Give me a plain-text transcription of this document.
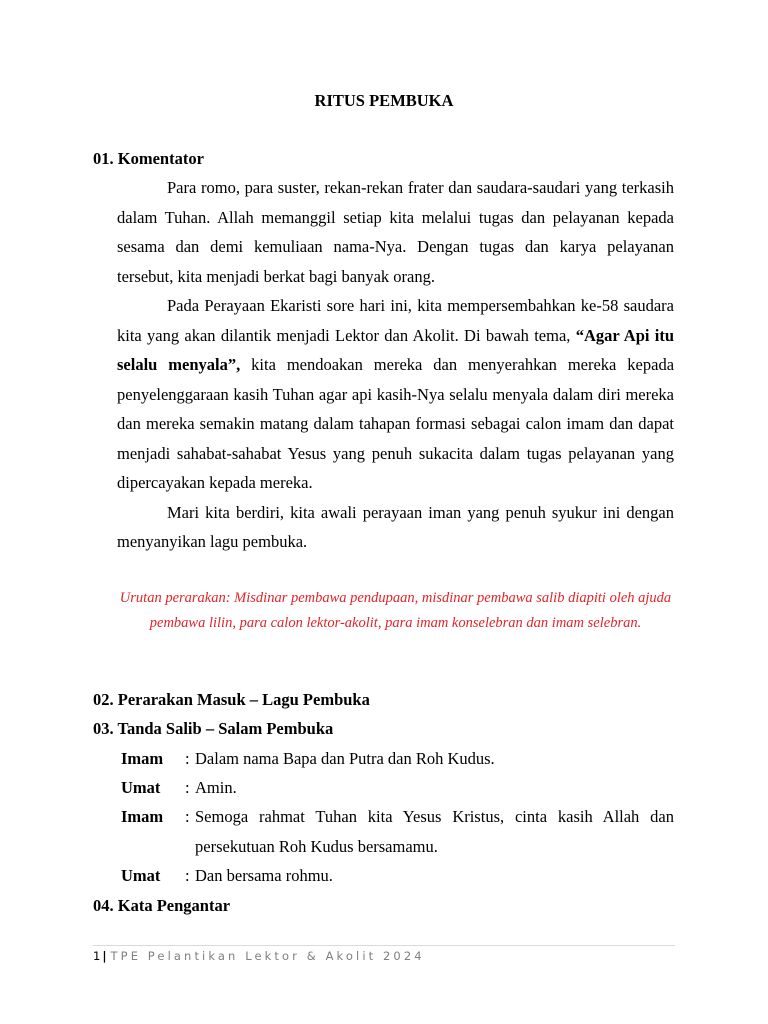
RITUS PEMBUKA
01. Komentator

Para romo, para suster, rekan-rekan frater dan saudara-saudari yang terkasih dalam Tuhan. Allah memanggil setiap kita melalui tugas dan pelayanan kepada sesama dan demi kemuliaan nama-Nya. Dengan tugas dan karya pelayanan tersebut, kita menjadi berkat bagi banyak orang.

Pada Perayaan Ekaristi sore hari ini, kita mempersembahkan ke-58 saudara kita yang akan dilantik menjadi Lektor dan Akolit. Di bawah tema, “Agar Api itu selalu menyala”, kita mendoakan mereka dan menyerahkan mereka kepada penyelenggaraan kasih Tuhan agar api kasih-Nya selalu menyala dalam diri mereka dan mereka semakin matang dalam tahapan formasi sebagai calon imam dan dapat menjadi sahabat-sahabat Yesus yang penuh sukacita dalam tugas pelayanan yang dipercayakan kepada mereka.

Mari kita berdiri, kita awali perayaan iman yang penuh syukur ini dengan menyanyikan lagu pembuka.

Urutan perarakan: Misdinar pembawa pendupaan, misdinar pembawa salib diapiti oleh ajuda pembawa lilin, para calon lektor-akolit, para imam konselebran dan imam selebran.
02. Perarakan Masuk – Lagu Pembuka
03. Tanda Salib – Salam Pembuka
Imam : Dalam nama Bapa dan Putra dan Roh Kudus.
Umat : Amin.
Imam : Semoga rahmat Tuhan kita Yesus Kristus, cinta kasih Allah dan persekutuan Roh Kudus bersamamu.
Umat : Dan bersama rohmu.
04. Kata Pengantar
1 | TPE Pelantikan Lektor & Akolit 2024
